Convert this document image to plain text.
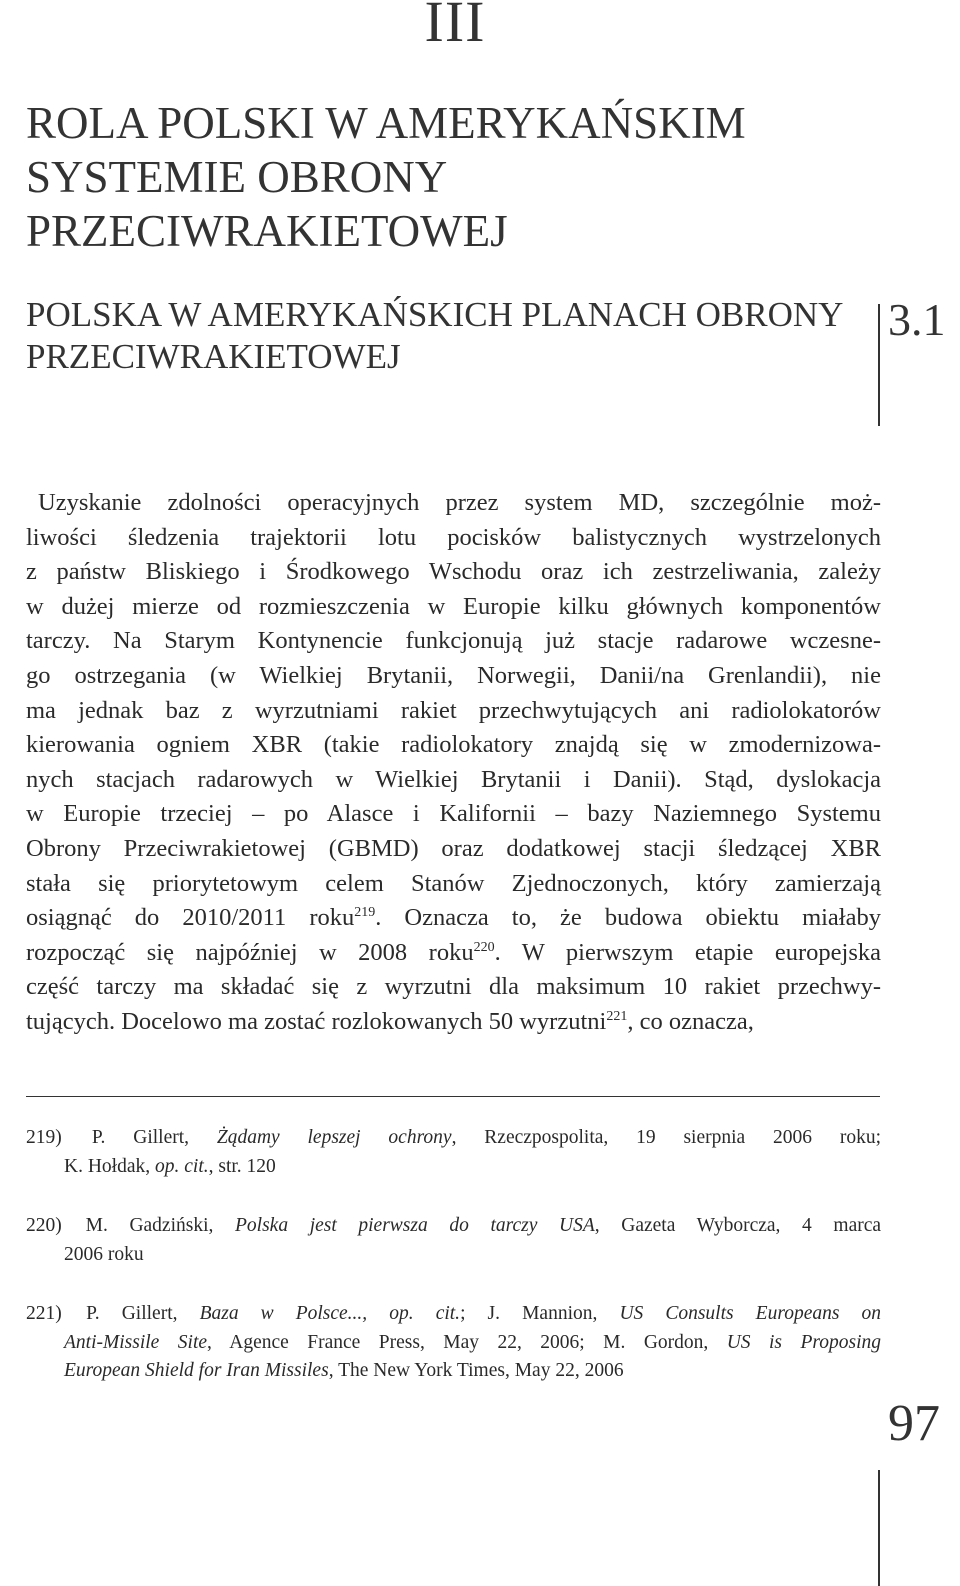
III
ROLA POLSKI W AMERYKAŃSKIM
SYSTEMIE OBRONY
PRZECIWRAKIETOWEJ
POLSKA W AMERYKAŃSKICH PLANACH OBRONY
PRZECIWRAKIETOWEJ
3.1
Uzyskanie zdolności operacyjnych przez system MD, szczególnie moż-
liwości śledzenia trajektorii lotu pocisków balistycznych wystrzelonych
z państw Bliskiego i Środkowego Wschodu oraz ich zestrzeliwania, zależy
w dużej mierze od rozmieszczenia w Europie kilku głównych komponentów
tarczy. Na Starym Kontynencie funkcjonują już stacje radarowe wczesne-
go ostrzegania (w Wielkiej Brytanii, Norwegii, Danii/na Grenlandii), nie
ma jednak baz z wyrzutniami rakiet przechwytujących ani radiolokatorów
kierowania ogniem XBR (takie radiolokatory znajdą się w zmodernizowa-
nych stacjach radarowych w Wielkiej Brytanii i Danii). Stąd, dyslokacja
w Europie trzeciej – po Alasce i Kalifornii – bazy Naziemnego Systemu
Obrony Przeciwrakietowej (GBMD) oraz dodatkowej stacji śledzącej XBR
stała się priorytetowym celem Stanów Zjednoczonych, który zamierzają
osiągnąć do 2010/2011 roku$^{219}$. Oznacza to, że budowa obiektu miałaby
rozpocząć się najpóźniej w 2008 roku$^{220}$. W pierwszym etapie europejska
część tarczy ma składać się z wyrzutni dla maksimum 10 rakiet przechwy-
tujących. Docelowo ma zostać rozlokowanych 50 wyrzutni$^{221}$, co oznacza,
219) P. Gillert, Żądamy lepszej ochrony, Rzeczpospolita, 19 sierpnia 2006 roku;
K. Hołdak, op. cit., str. 120
220) M. Gadziński, Polska jest pierwsza do tarczy USA, Gazeta Wyborcza, 4 marca
2006 roku
221) P. Gillert, Baza w Polsce..., op. cit.; J. Mannion, US Consults Europeans on
Anti-Missile Site, Agence France Press, May 22, 2006; M. Gordon, US is Proposing
European Shield for Iran Missiles, The New York Times, May 22, 2006
97
